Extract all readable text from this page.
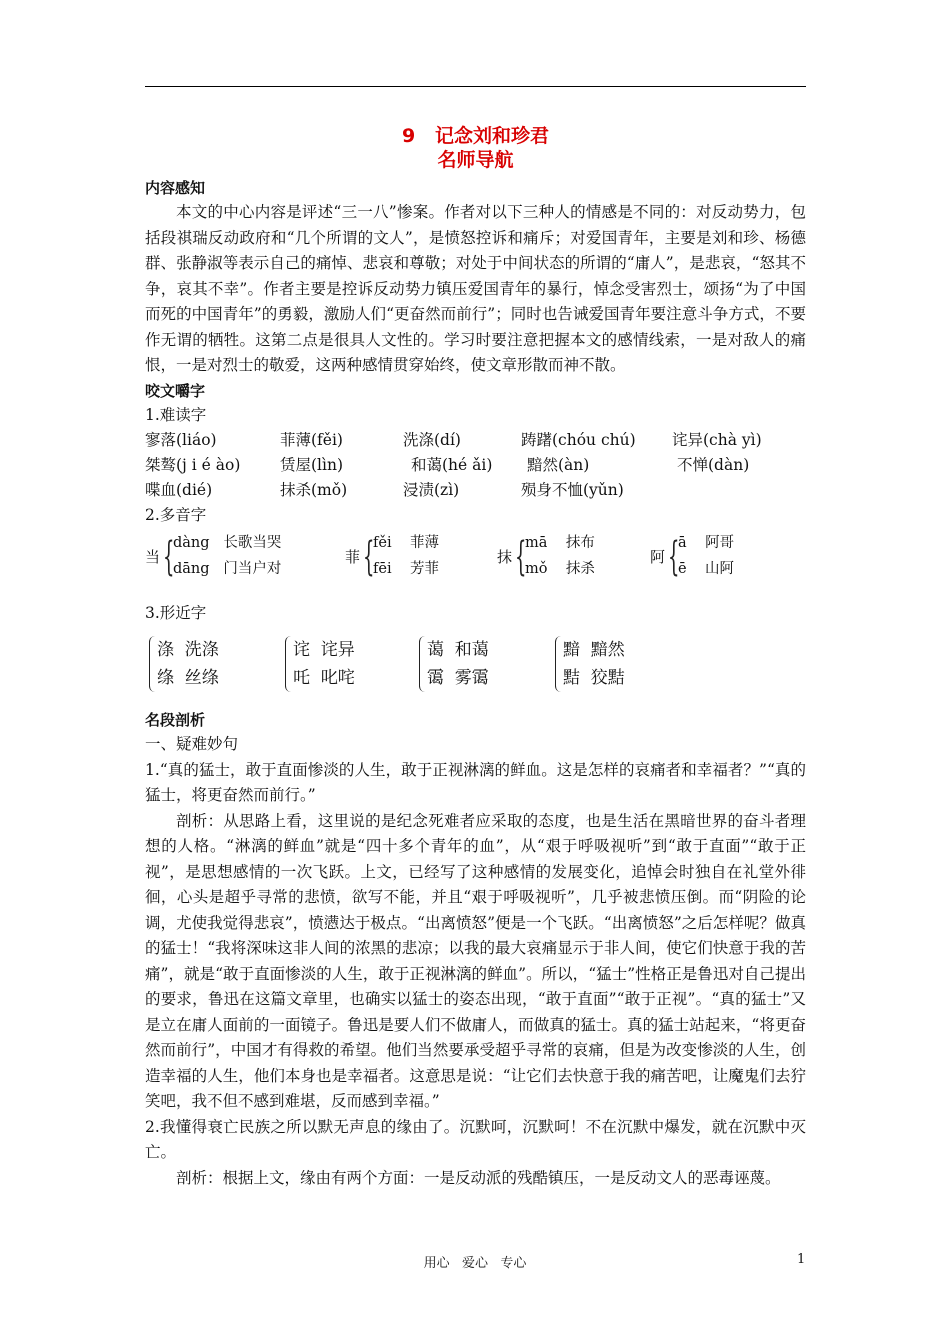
9   记念刘和珍君
名师导航
内容感知

本文的中心内容是评述“三一八”惨案。作者对以下三种人的情感是不同的：对反动势力，包括段祺瑞反动政府和“几个所谓的文人”，是愤怒控诉和痛斥；对爱国青年，主要是刘和珍、杨德群、张静淑等表示自己的痛悼、悲哀和尊敬；对处于中间状态的所谓的“庸人”，是悲哀，“怒其不争，哀其不幸”。作者主要是控诉反动势力镇压爱国青年的暴行，悼念受害烈士，颂扬“为了中国而死的中国青年”的勇毅，激励人们“更奋然而前行”；同时也告诫爱国青年要注意斗争方式，不要作无谓的牺牲。这第二点是很具人文性的。学习时要注意把握本文的感情线索，一是对敌人的痛恨，一是对烈士的敬爱，这两种感情贯穿始终，使文章形散而神不散。

咬文嚼字
1.难读字
寥落(liáo)	菲薄(fěi)	洗涤(dí)	踌躇(chóu chú) 诧异(chà yì)
桀骜(j i é ào)	赁屋(lìn)	和蔼(hé ǎi) 黯然(àn)	不惮(dàn)
喋血(dié)	抹杀(mǒ)	浸渍(zì)	殒身不恤(yǔn)
2.多音字
当 {
dàng   长歌当哭
dāng   门当户对
菲 {
fěi    菲薄
fēi    芳菲
抹 {
mā    抹布
mǒ    抹杀
阿 {
ā    阿哥
ē    山阿
3.形近字
涤  洗涤
绦  丝绦
诧  诧异
吒  叱咤
蔼  和蔼
霭  雾霭
黯  黯然
黠  狡黠
名段剖析
一、疑难妙句

1.“真的猛士，敢于直面惨淡的人生，敢于正视淋漓的鲜血。这是怎样的哀痛者和幸福者？”“真的猛士，将更奋然而前行。”

剖析：从思路上看，这里说的是纪念死难者应采取的态度，也是生活在黑暗世界的奋斗者理想的人格。“淋漓的鲜血”就是“四十多个青年的血”，从“艰于呼吸视听”到“敢于直面”“敢于正视”，是思想感情的一次飞跃。上文，已经写了这种感情的发展变化，追悼会时独自在礼堂外徘徊，心头是超乎寻常的悲愤，欲写不能，并且“艰于呼吸视听”，几乎被悲愤压倒。而“阴险的论调，尤使我觉得悲哀”，愤懑达于极点。“出离愤怒”便是一个飞跃。“出离愤怒”之后怎样呢？做真的猛士！“我将深味这非人间的浓黑的悲凉；以我的最大哀痛显示于非人间，使它们快意于我的苦痛”，就是“敢于直面惨淡的人生，敢于正视淋漓的鲜血”。所以，“猛士”性格正是鲁迅对自己提出的要求，鲁迅在这篇文章里，也确实以猛士的姿态出现，“敢于直面”“敢于正视”。“真的猛士”又是立在庸人面前的一面镜子。鲁迅是要人们不做庸人，而做真的猛士。真的猛士站起来，“将更奋然而前行”，中国才有得救的希望。他们当然要承受超乎寻常的哀痛，但是为改变惨淡的人生，创造幸福的人生，他们本身也是幸福者。这意思是说：“让它们去快意于我的痛苦吧，让魔鬼们去狞笑吧，我不但不感到难堪，反而感到幸福。”

2.我懂得衰亡民族之所以默无声息的缘由了。沉默呵，沉默呵！不在沉默中爆发，就在沉默中灭亡。

剖析：根据上文，缘由有两个方面：一是反动派的残酷镇压，一是反动文人的恶毒诬蔑。

用心   爱心   专心	1
